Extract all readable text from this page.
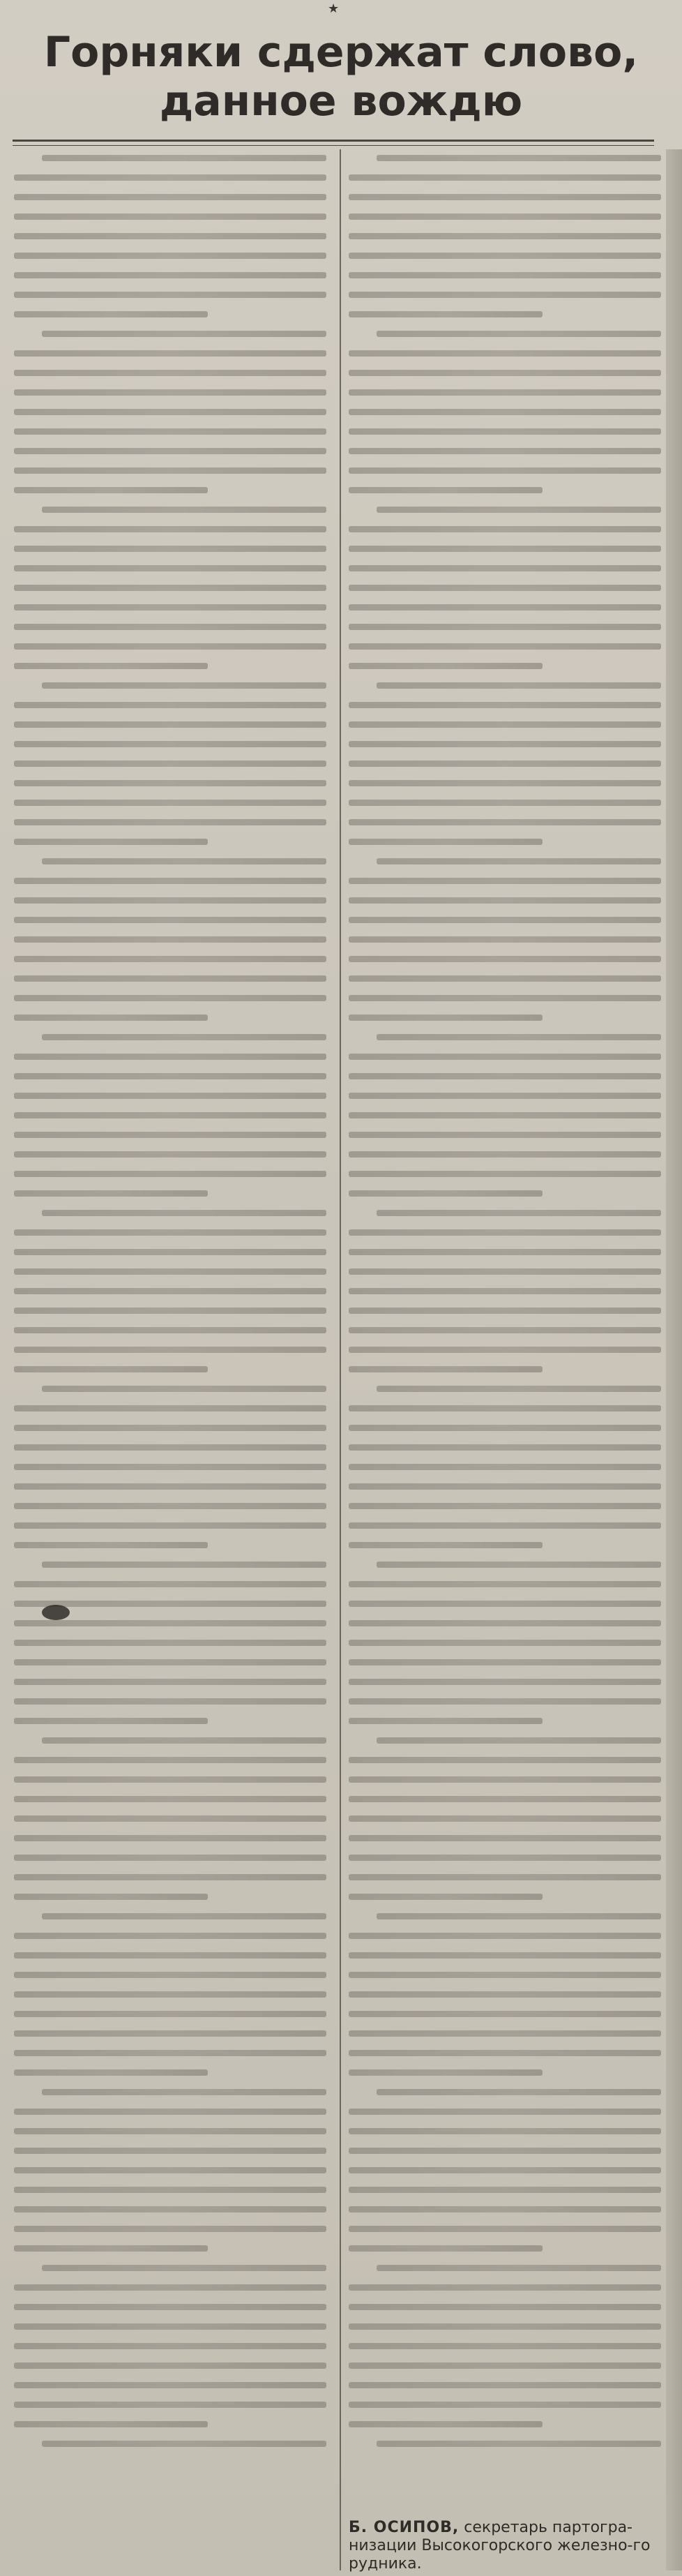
★
Горняки сдержат слово,
данное вождю
Б. ОСИПОВ, секретарь партогра-низации Высокогорского железно-го рудника.
